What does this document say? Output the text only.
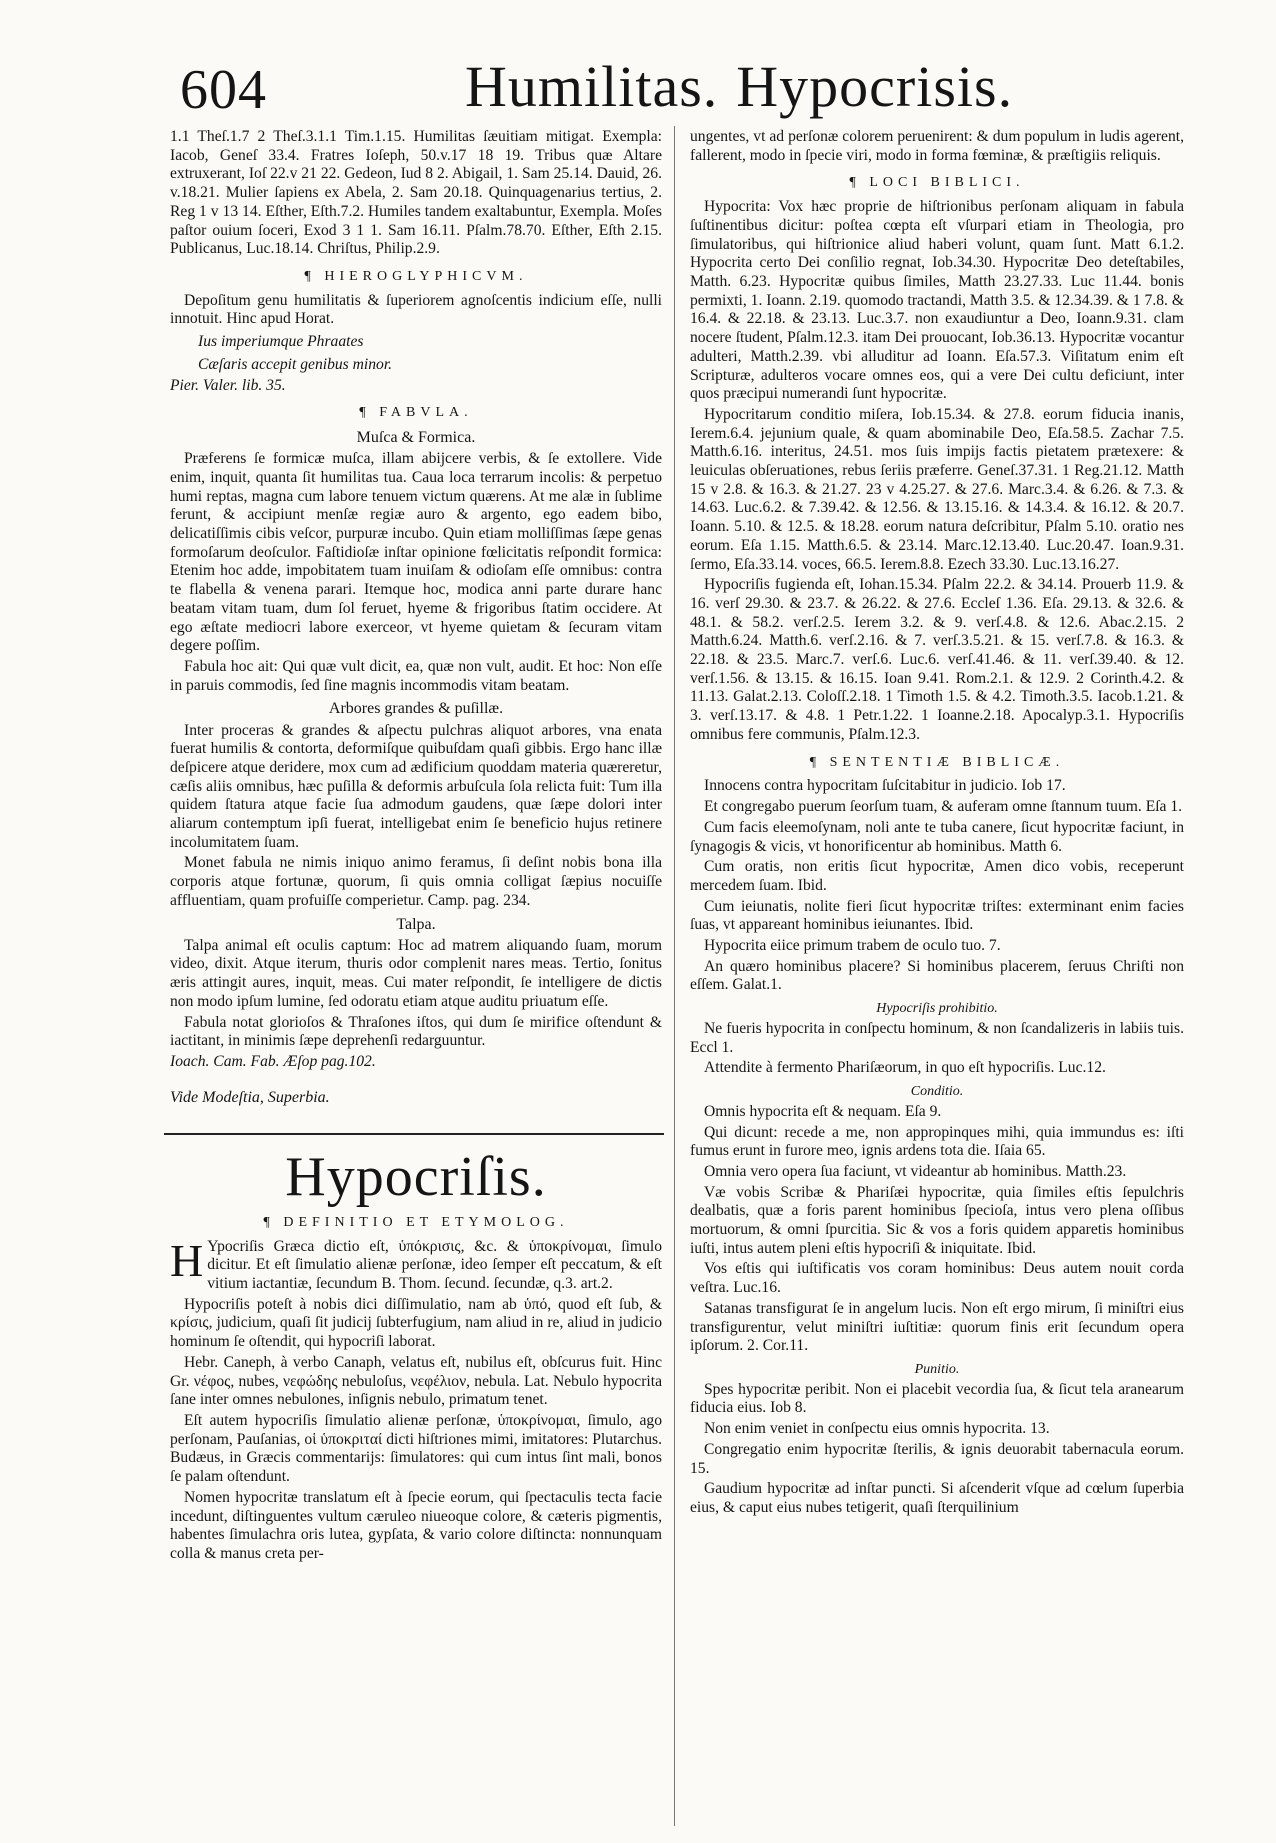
604	Humilitas. Hypocrisis.

1.1 Theſ.1.7 2 Theſ.3.1.1 Tim.1.15. Humilitas ſæuitiam mitigat. Exempla: Iacob, Geneſ 33.4. Fratres Ioſeph, 50.v.17 18 19. Tribus quæ Altare extruxerant, Ioſ 22.v 21 22. Gedeon, Iud 8 2. Abigail, 1. Sam 25.14. Dauid, 26. v.18.21. Mulier ſapiens ex Abela, 2. Sam 20.18. Quinquagenarius tertius, 2. Reg 1 v 13 14. Eſther, Eſth.7.2. Humiles tandem exaltabuntur, Exempla. Moſes paſtor ouium ſoceri, Exod 3 1 1. Sam 16.11. Pſalm.78.70. Eſther, Eſth 2.15. Publicanus, Luc.18.14. Chriſtus, Philip.2.9.

¶ HIEROGLYPHICVM.

Depoſitum genu humilitatis & ſuperiorem agnoſcentis indicium eſſe, nulli innotuit. Hinc apud Horat.

Ius imperiumque Phraates
Cæſaris accepit genibus minor.
Pier. Valer. lib. 35.
¶ FABVLA.
Muſca & Formica.

Præferens ſe formicæ muſca, illam abijcere verbis, & ſe extollere. Vide enim, inquit, quanta ſit humilitas tua. Caua loca terrarum incolis: & perpetuo humi reptas, magna cum labore tenuem victum quærens. At me alæ in ſublime ferunt, & accipiunt menſæ regiæ auro & argento, ego eadem bibo, delicatiſſimis cibis veſcor, purpuræ incubo. Quin etiam molliſſimas ſæpe genas formoſarum deoſculor. Faſtidioſæ inſtar opinione fœlicitatis reſpondit formica: Etenim hoc adde, impobitatem tuam inuiſam & odioſam eſſe omnibus: contra te flabella & venena parari. Itemque hoc, modica anni parte durare hanc beatam vitam tuam, dum ſol feruet, hyeme & frigoribus ſtatim occidere. At ego æſtate mediocri labore exerceor, vt hyeme quietam & ſecuram vitam degere poſſim.

Fabula hoc ait: Qui quæ vult dicit, ea, quæ non vult, audit. Et hoc: Non eſſe in paruis commodis, ſed ſine magnis incommodis vitam beatam.

Arbores grandes & puſillæ.

Inter proceras & grandes & aſpectu pulchras aliquot arbores, vna enata fuerat humilis & contorta, deformiſque quibuſdam quaſi gibbis. Ergo hanc illæ deſpicere atque deridere, mox cum ad ædificium quoddam materia quæreretur, cæſis aliis omnibus, hæc puſilla & deformis arbuſcula ſola relicta fuit: Tum illa quidem ſtatura atque facie ſua admodum gaudens, quæ ſæpe dolori inter aliarum contemptum ipſi fuerat, intelligebat enim ſe beneficio hujus retinere incolumitatem ſuam.

Monet fabula ne nimis iniquo animo feramus, ſi deſint nobis bona illa corporis atque fortunæ, quorum, ſi quis omnia colligat ſæpius nocuiſſe affluentiam, quam profuiſſe comperietur. Camp. pag. 234.

Talpa.

Talpa animal eſt oculis captum: Hoc ad matrem aliquando ſuam, morum video, dixit. Atque iterum, thuris odor complenit nares meas. Tertio, ſonitus æris attingit aures, inquit, meas. Cui mater reſpondit, ſe intelligere de dictis non modo ipſum lumine, ſed odoratu etiam atque auditu priuatum eſſe.

Fabula notat glorioſos & Thraſones iſtos, qui dum ſe mirifice oſtendunt & iactitant, in minimis ſæpe deprehenſi redarguuntur.

Ioach. Cam. Fab. Æſop pag.102.
Vide Modeſtia, Superbia.
Hypocriſis.
¶ DEFINITIO ET ETYMOLOG.

H Ypocriſis Græca dictio eſt, ὑπόκρισις, &c. & ὑποκρίνομαι, ſimulo dicitur. Et eſt ſimulatio alienæ perſonæ, ideo ſemper eſt peccatum, & eſt vitium iactantiæ, ſecundum B. Thom. ſecund. ſecundæ, q.3. art.2.

Hypocriſis poteſt à nobis dici diſſimulatio, nam ab ὑπό, quod eſt ſub, & κρίσις, judicium, quaſi ſit judicij ſubterfugium, nam aliud in re, aliud in judicio hominum ſe oſtendit, qui hypocriſi laborat.

Hebr. Caneph, à verbo Canaph, velatus eſt, nubilus eſt, obſcurus fuit. Hinc Gr. νέφος, nubes, νεφώδης nebuloſus, νεφέλιον, nebula. Lat. Nebulo hypocrita ſane inter omnes nebulones, inſignis nebulo, primatum tenet.

Eſt autem hypocriſis ſimulatio alienæ perſonæ, ὑποκρίνομαι, ſimulo, ago perſonam, Pauſanias, οἱ ὑποκριταί dicti hiſtriones mimi, imitatores: Plutarchus. Budæus, in Græcis commentarijs: ſimulatores: qui cum intus ſint mali, bonos ſe palam oſtendunt.

Nomen hypocritæ translatum eſt à ſpecie eorum, qui ſpectaculis tecta facie incedunt, diſtinguentes vultum cæruleo niueoque colore, & cæteris pigmentis, habentes ſimulachra oris lutea, gypſata, & vario colore diſtincta: nonnunquam colla & manus creta per-

ungentes, vt ad perſonæ colorem peruenirent: & dum populum in ludis agerent, fallerent, modo in ſpecie viri, modo in forma fœminæ, & præſtigiis reliquis.

¶ LOCI BIBLICI.

Hypocrita: Vox hæc proprie de hiſtrionibus perſonam aliquam in fabula ſuſtinentibus dicitur: poſtea cœpta eſt vſurpari etiam in Theologia, pro ſimulatoribus, qui hiſtrionice aliud haberi volunt, quam ſunt. Matt 6.1.2. Hypocrita certo Dei conſilio regnat, Iob.34.30. Hypocritæ Deo deteſtabiles, Matth. 6.23. Hypocritæ quibus ſimiles, Matth 23.27.33. Luc 11.44. bonis permixti, 1. Ioann. 2.19. quomodo tractandi, Matth 3.5. & 12.34.39. & 1 7.8. & 16.4. & 22.18. & 23.13. Luc.3.7. non exaudiuntur a Deo, Ioann.9.31. clam nocere ſtudent, Pſalm.12.3. itam Dei prouocant, Iob.36.13. Hypocritæ vocantur adulteri, Matth.2.39. vbi alluditur ad Ioann. Eſa.57.3. Viſitatum enim eſt Scripturæ, adulteros vocare omnes eos, qui a vere Dei cultu deficiunt, inter quos præcipui numerandi ſunt hypocritæ.

Hypocritarum conditio miſera, Iob.15.34. & 27.8. eorum fiducia inanis, Ierem.6.4. jejunium quale, & quam abominabile Deo, Eſa.58.5. Zachar 7.5. Matth.6.16. interitus, 24.51. mos ſuis impijs factis pietatem prætexere: & leuiculas obſeruationes, rebus ſeriis præferre. Geneſ.37.31. 1 Reg.21.12. Matth 15 v 2.8. & 16.3. & 21.27. 23 v 4.25.27. & 27.6. Marc.3.4. & 6.26. & 7.3. & 14.63. Luc.6.2. & 7.39.42. & 12.56. & 13.15.16. & 14.3.4. & 16.12. & 20.7. Ioann. 5.10. & 12.5. & 18.28. eorum natura deſcribitur, Pſalm 5.10. oratio nes eorum. Eſa 1.15. Matth.6.5. & 23.14. Marc.12.13.40. Luc.20.47. Ioan.9.31. ſermo, Eſa.33.14. voces, 66.5. Ierem.8.8. Ezech 33.30. Luc.13.16.27.

Hypocriſis fugienda eſt, Iohan.15.34. Pſalm 22.2. & 34.14. Prouerb 11.9. & 16. verſ 29.30. & 23.7. & 26.22. & 27.6. Eccleſ 1.36. Eſa. 29.13. & 32.6. & 48.1. & 58.2. verſ.2.5. Ierem 3.2. & 9. verſ.4.8. & 12.6. Abac.2.15. 2 Matth.6.24. Matth.6. verſ.2.16. & 7. verſ.3.5.21. & 15. verſ.7.8. & 16.3. & 22.18. & 23.5. Marc.7. verſ.6. Luc.6. verſ.41.46. & 11. verſ.39.40. & 12. verſ.1.56. & 13.15. & 16.15. Ioan 9.41. Rom.2.1. & 12.9. 2 Corinth.4.2. & 11.13. Galat.2.13. Coloſſ.2.18. 1 Timoth 1.5. & 4.2. Timoth.3.5. Iacob.1.21. & 3. verſ.13.17. & 4.8. 1 Petr.1.22. 1 Ioanne.2.18. Apocalyp.3.1. Hypocriſis omnibus fere communis, Pſalm.12.3.

¶ SENTENTIÆ BIBLICÆ.

Innocens contra hypocritam ſuſcitabitur in judicio. Iob 17.

Et congregabo puerum ſeorſum tuam, & auferam omne ſtannum tuum. Eſa 1.

Cum facis eleemoſynam, noli ante te tuba canere, ſicut hypocritæ faciunt, in ſynagogis & vicis, vt honorificentur ab hominibus. Matth 6.

Cum oratis, non eritis ſicut hypocritæ, Amen dico vobis, receperunt mercedem ſuam. Ibid.

Cum ieiunatis, nolite fieri ſicut hypocritæ triſtes: exterminant enim facies ſuas, vt appareant hominibus ieiunantes. Ibid.

Hypocrita eiice primum trabem de oculo tuo. 7.

An quæro hominibus placere? Si hominibus placerem, ſeruus Chriſti non eſſem. Galat.1.

Hypocriſis prohibitio.

Ne fueris hypocrita in conſpectu hominum, & non ſcandalizeris in labiis tuis. Eccl 1.

Attendite à fermento Phariſæorum, in quo eſt hypocriſis. Luc.12.

Conditio.

Omnis hypocrita eſt & nequam. Eſa 9.

Qui dicunt: recede a me, non appropinques mihi, quia immundus es: iſti fumus erunt in furore meo, ignis ardens tota die. Iſaia 65.

Omnia vero opera ſua faciunt, vt videantur ab hominibus. Matth.23.

Væ vobis Scribæ & Phariſæi hypocritæ, quia ſimiles eſtis ſepulchris dealbatis, quæ a foris parent hominibus ſpecioſa, intus vero plena oſſibus mortuorum, & omni ſpurcitia. Sic & vos a foris quidem apparetis hominibus iuſti, intus autem pleni eſtis hypocriſi & iniquitate. Ibid.

Vos eſtis qui iuſtificatis vos coram hominibus: Deus autem nouit corda veſtra. Luc.16.

Satanas transfigurat ſe in angelum lucis. Non eſt ergo mirum, ſi miniſtri eius transfigurentur, velut miniſtri iuſtitiæ: quorum finis erit ſecundum opera ipſorum. 2. Cor.11.

Punitio.

Spes hypocritæ peribit. Non ei placebit vecordia ſua, & ſicut tela aranearum fiducia eius. Iob 8.

Non enim veniet in conſpectu eius omnis hypocrita. 13.

Congregatio enim hypocritæ ſterilis, & ignis deuorabit tabernacula eorum. 15.

Gaudium hypocritæ ad inſtar puncti. Si aſcenderit vſque ad cœlum ſuperbia eius, & caput eius nubes tetigerit, quaſi ſterquilinium
